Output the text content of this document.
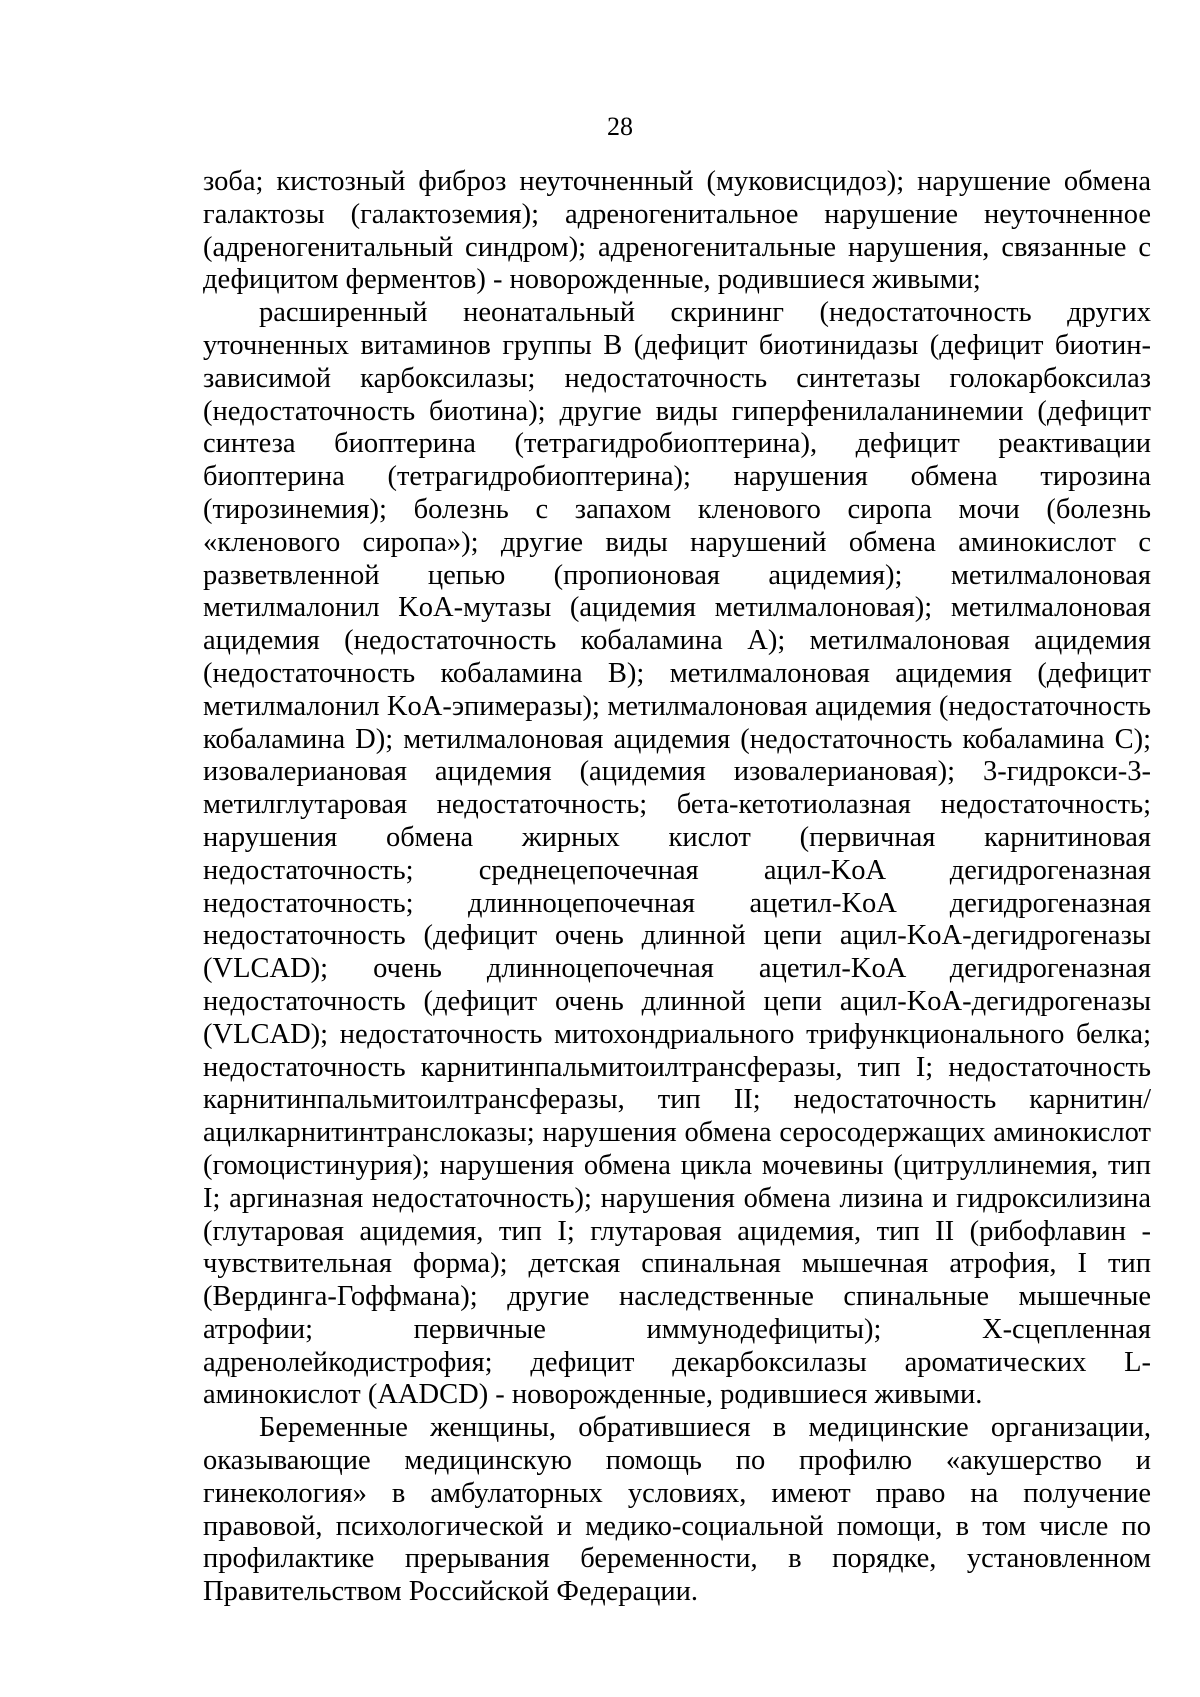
28

зоба; кистозный фиброз неуточненный (муковисцидоз); нарушение обмена галактозы (галактоземия); адреногенитальное нарушение неуточненное (адреногенитальный синдром); адреногенитальные нарушения, связанные с дефицитом ферментов) - новорожденные, родившиеся живыми;

расширенный неонатальный скрининг (недостаточность других уточненных витаминов группы B (дефицит биотинидазы (дефицит биотин-зависимой карбоксилазы; недостаточность синтетазы голокарбоксилаз (недостаточность биотина); другие виды гиперфенилаланинемии (дефицит синтеза биоптерина (тетрагидробиоптерина), дефицит реактивации биоптерина (тетрагидробиоптерина); нарушения обмена тирозина (тирозинемия); болезнь с запахом кленового сиропа мочи (болезнь «кленового сиропа»); другие виды нарушений обмена аминокислот с разветвленной цепью (пропионовая ацидемия); метилмалоновая метилмалонил KoA-мутазы (ацидемия метилмалоновая); метилмалоновая ацидемия (недостаточность кобаламина A); метилмалоновая ацидемия (недостаточность кобаламина B); метилмалоновая ацидемия (дефицит метилмалонил KoA-эпимеразы); метилмалоновая ацидемия (недостаточность кобаламина D); метилмалоновая ацидемия (недостаточность кобаламина C); изовалериановая ацидемия (ацидемия изовалериановая); 3-гидрокси-3-метилглутаровая недостаточность; бета-кетотиолазная недостаточность; нарушения обмена жирных кислот (первичная карнитиновая недостаточность; среднецепочечная ацил-KoA дегидрогеназная недостаточность; длинноцепочечная ацетил-KoA дегидрогеназная недостаточность (дефицит очень длинной цепи ацил-KoA-дегидрогеназы (VLCAD); очень длинноцепочечная ацетил-KoA дегидрогеназная недостаточность (дефицит очень длинной цепи ацил-KoA-дегидрогеназы (VLCAD); недостаточность митохондриального трифункционального белка; недостаточность карнитинпальмитоилтрансферазы, тип I; недостаточность карнитинпальмитоилтрансферазы, тип II; недостаточность карнитин/ацилкарнитинтранслоказы; нарушения обмена серосодержащих аминокислот (гомоцистинурия); нарушения обмена цикла мочевины (цитруллинемия, тип I; аргиназная недостаточность); нарушения обмена лизина и гидроксилизина (глутаровая ацидемия, тип I; глутаровая ацидемия, тип II (рибофлавин - чувствительная форма); детская спинальная мышечная атрофия, I тип (Вердинга-Гоффмана); другие наследственные спинальные мышечные атрофии; первичные иммунодефициты); X-сцепленная адренолейкодистрофия; дефицит декарбоксилазы ароматических L-аминокислот (AADCD) - новорожденные, родившиеся живыми.

Беременные женщины, обратившиеся в медицинские организации, оказывающие медицинскую помощь по профилю «акушерство и гинекология» в амбулаторных условиях, имеют право на получение правовой, психологической и медико-социальной помощи, в том числе по профилактике прерывания беременности, в порядке, установленном Правительством Российской Федерации.
